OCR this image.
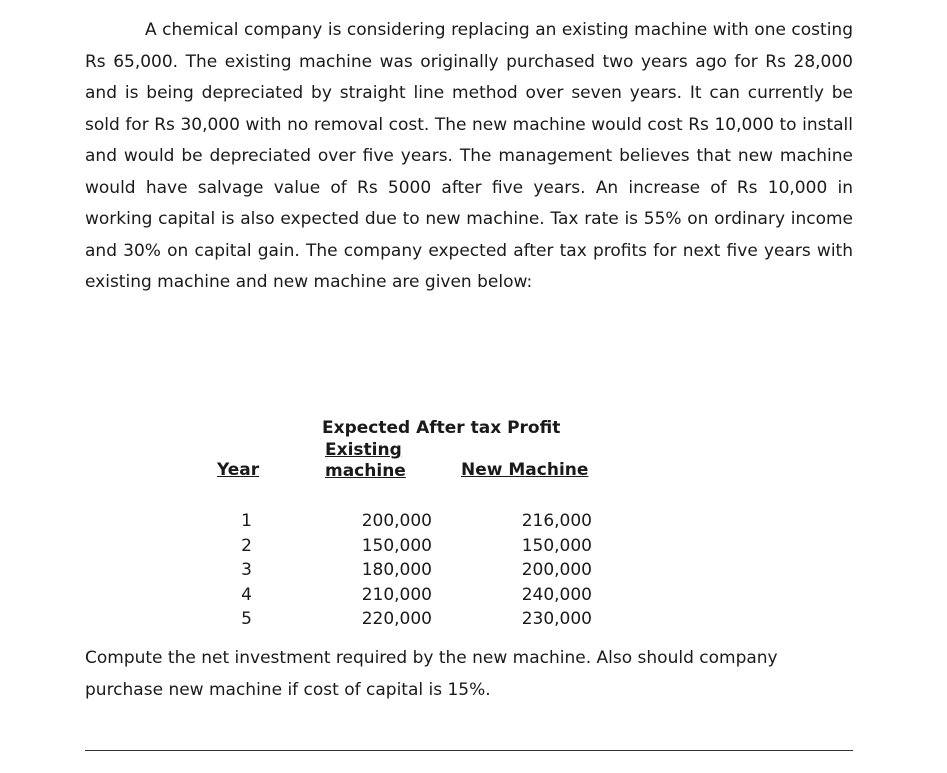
A chemical company is considering replacing an existing machine with one costing Rs 65,000. The existing machine was originally purchased two years ago for Rs 28,000 and is being depreciated by straight line method over seven years. It can currently be sold for Rs 30,000 with no removal cost. The new machine would cost Rs 10,000 to install and would be depreciated over five years. The management believes that new machine would have salvage value of Rs 5000 after five years. An increase of Rs 10,000 in working capital is also expected due to new machine. Tax rate is 55% on ordinary income and 30% on capital gain. The company expected after tax profits for next five years with existing machine and new machine are given below:

Expected After tax Profit
Year
Existing
machine	New Machine
1
2
3
4
5
200,000
150,000
180,000
210,000
220,000
216,000
150,000
200,000
240,000
230,000

Compute the net investment required by the new machine. Also should company purchase new machine if cost of capital is 15%.
